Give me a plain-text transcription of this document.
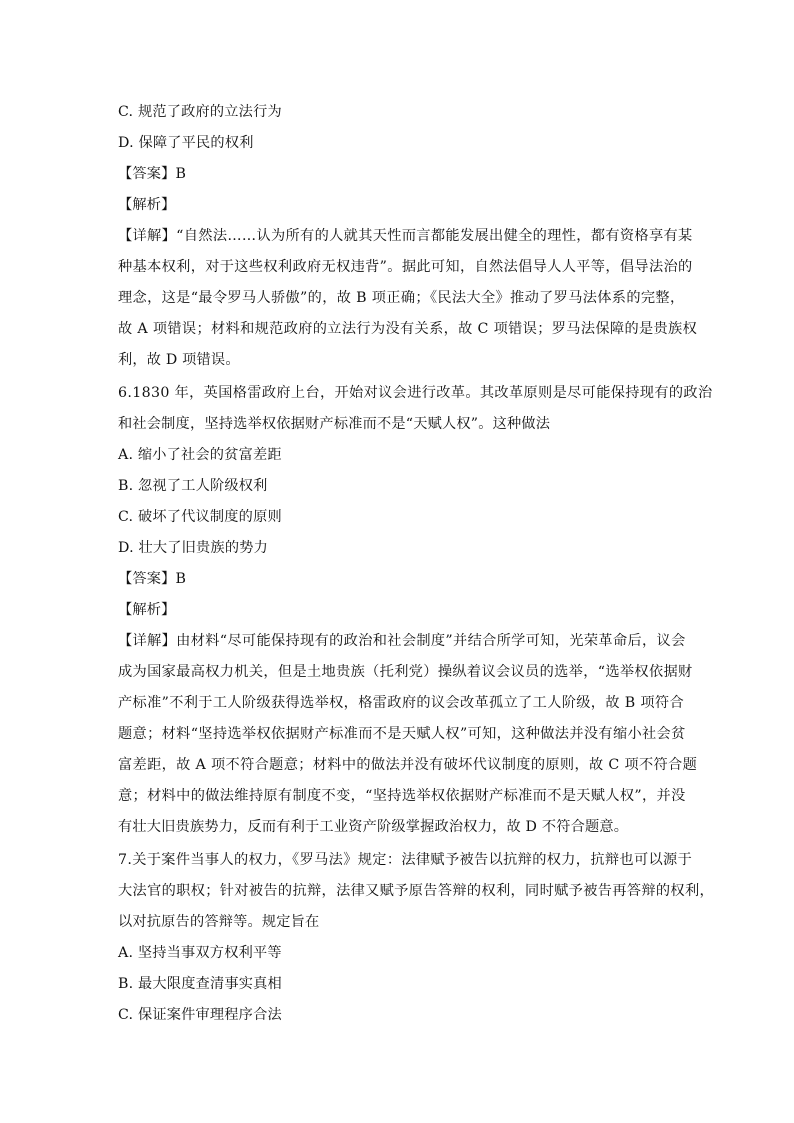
C. 规范了政府的立法行为
D. 保障了平民的权利
【答案】B
【解析】
【详解】“自然法……认为所有的人就其天性而言都能发展出健全的理性，都有资格享有某
种基本权利，对于这些权利政府无权违背”。据此可知，自然法倡导人人平等，倡导法治的
理念，这是“最令罗马人骄傲”的，故 B 项正确；《民法大全》推动了罗马法体系的完整，
故 A 项错误；材料和规范政府的立法行为没有关系，故 C 项错误；罗马法保障的是贵族权
利，故 D 项错误。
6.1830 年，英国格雷政府上台，开始对议会进行改革。其改革原则是尽可能保持现有的政治
和社会制度，坚持选举权依据财产标准而不是“天赋人权”。这种做法
A. 缩小了社会的贫富差距
B. 忽视了工人阶级权利
C. 破坏了代议制度的原则
D. 壮大了旧贵族的势力
【答案】B
【解析】
【详解】由材料“尽可能保持现有的政治和社会制度”并结合所学可知，光荣革命后，议会
成为国家最高权力机关，但是土地贵族（托利党）操纵着议会议员的选举，“选举权依据财
产标准”不利于工人阶级获得选举权，格雷政府的议会改革孤立了工人阶级，故 B 项符合
题意；材料“坚持选举权依据财产标准而不是天赋人权”可知，这种做法并没有缩小社会贫
富差距，故 A 项不符合题意；材料中的做法并没有破坏代议制度的原则，故 C 项不符合题
意；材料中的做法维持原有制度不变，“坚持选举权依据财产标准而不是天赋人权”，并没
有壮大旧贵族势力，反而有利于工业资产阶级掌握政治权力，故 D 不符合题意。
7.关于案件当事人的权力，《罗马法》规定：法律赋予被告以抗辩的权力，抗辩也可以源于
大法官的职权；针对被告的抗辩，法律又赋予原告答辩的权利，同时赋予被告再答辩的权利，
以对抗原告的答辩等。规定旨在
A. 坚持当事双方权利平等
B. 最大限度查清事实真相
C. 保证案件审理程序合法
